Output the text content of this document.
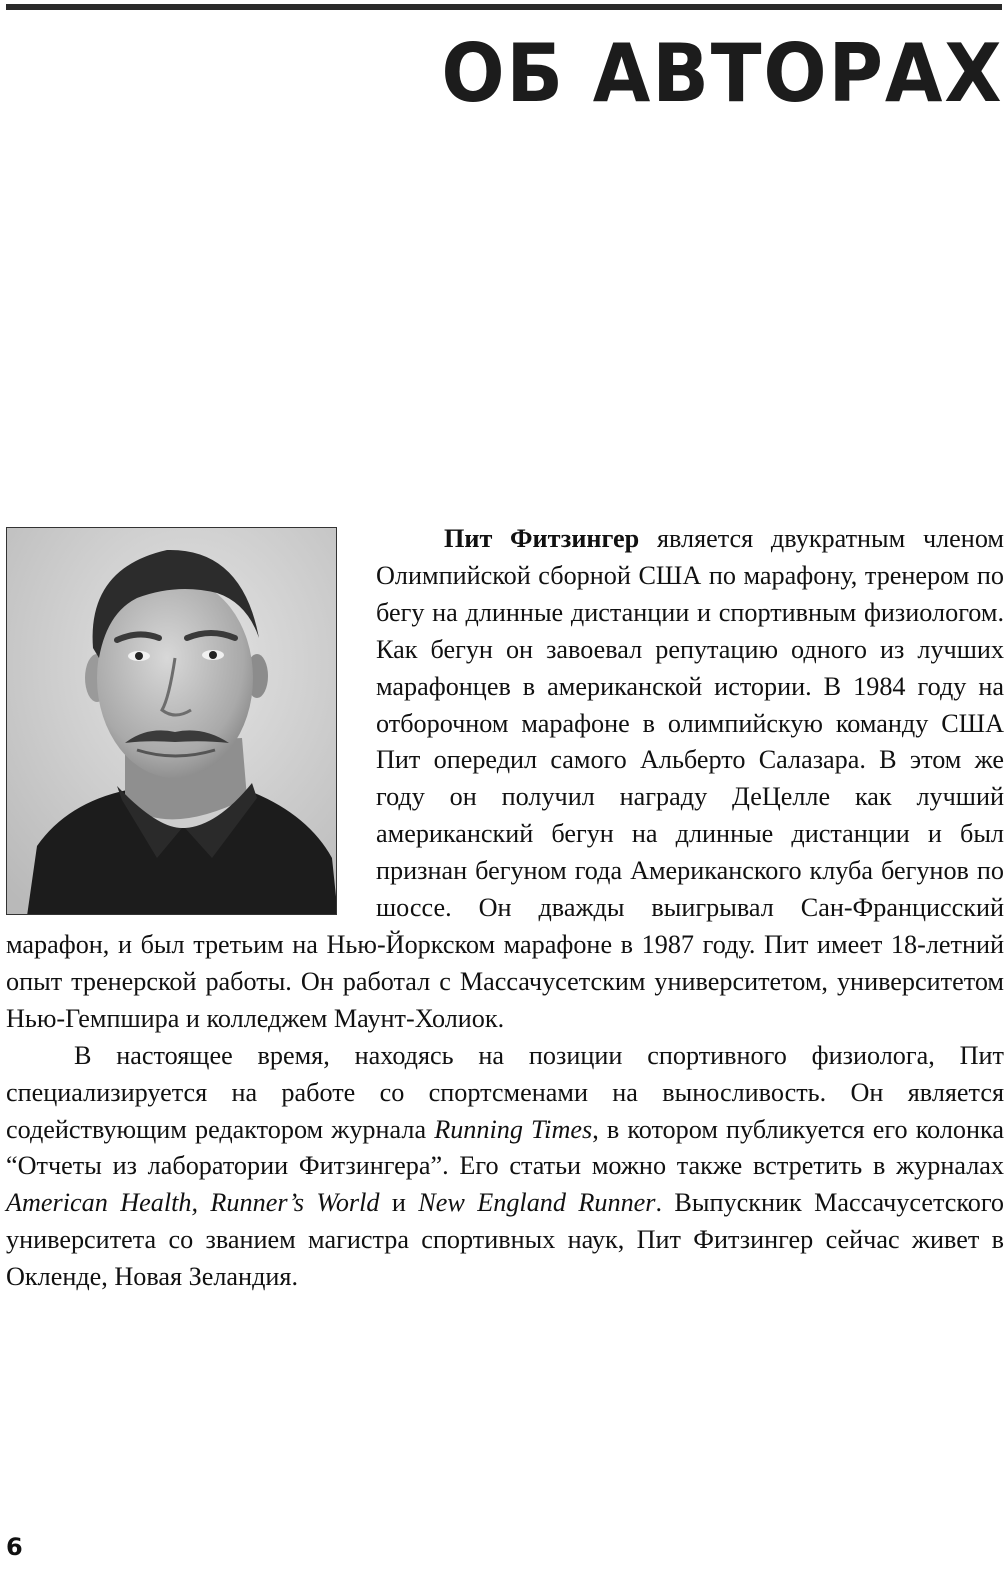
ОБ АВТОРАХ

Пит Фитзингер является двукратным членом Олимпийской сборной США по марафону, тренером по бегу на длинные дистанции и спортивным физиологом. Как бегун он завоевал репутацию одного из лучших марафонцев в американской истории. В 1984 году на отборочном марафоне в олимпийскую команду США Пит опередил самого Альберто Салазара. В этом же году он получил награду ДеЦелле как лучший американский бегун на длинные дистанции и был признан бегуном года Американского клуба бегунов по шоссе. Он дважды выигрывал Сан-Францисский марафон, и был третьим на Нью-Йоркском марафоне в 1987 году. Пит имеет 18-летний опыт тренерской работы. Он работал с Массачусетским университетом, университетом Нью-Гемпшира и колледжем Маунт-Холиок.

В настоящее время, находясь на позиции спортивного физиолога, Пит специализируется на работе со спортсменами на выносливость. Он является содействующим редактором журнала Running Times, в котором публикуется его колонка “Отчеты из лаборатории Фитзингера”. Его статьи можно также встретить в журналах American Health, Runner’s World и New England Runner. Выпускник Массачусетского университета со званием магистра спортивных наук, Пит Фитзингер сейчас живет в Окленде, Новая Зеландия.

6
